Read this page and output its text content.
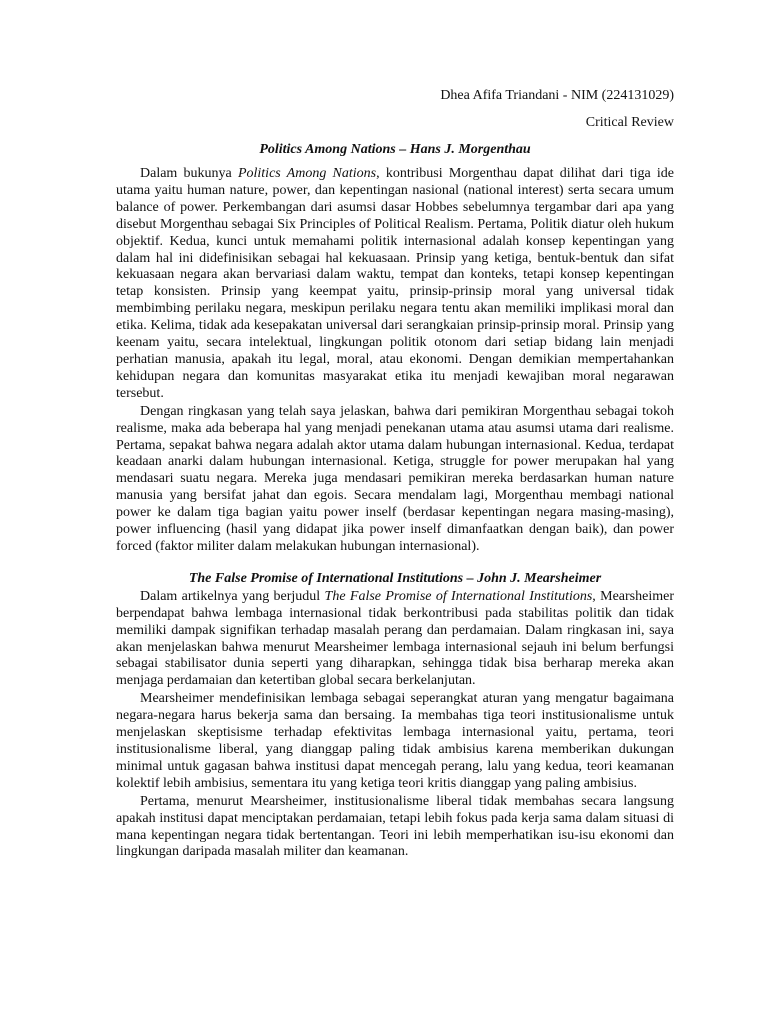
Dhea Afifa Triandani - NIM (224131029)

Critical Review

Politics Among Nations – Hans J. Morgenthau

Dalam bukunya Politics Among Nations, kontribusi Morgenthau dapat dilihat dari tiga ide utama yaitu human nature, power, dan kepentingan nasional (national interest) serta secara umum balance of power. Perkembangan dari asumsi dasar Hobbes sebelumnya tergambar dari apa yang disebut Morgenthau sebagai Six Principles of Political Realism. Pertama, Politik diatur oleh hukum objektif. Kedua, kunci untuk memahami politik internasional adalah konsep kepentingan yang dalam hal ini didefinisikan sebagai hal kekuasaan. Prinsip yang ketiga, bentuk-bentuk dan sifat kekuasaan negara akan bervariasi dalam waktu, tempat dan konteks, tetapi konsep kepentingan tetap konsisten. Prinsip yang keempat yaitu, prinsip-prinsip moral yang universal tidak membimbing perilaku negara, meskipun perilaku negara tentu akan memiliki implikasi moral dan etika. Kelima, tidak ada kesepakatan universal dari serangkaian prinsip-prinsip moral. Prinsip yang keenam yaitu, secara intelektual, lingkungan politik otonom dari setiap bidang lain menjadi perhatian manusia, apakah itu legal, moral, atau ekonomi. Dengan demikian mempertahankan kehidupan negara dan komunitas masyarakat etika itu menjadi kewajiban moral negarawan tersebut.

Dengan ringkasan yang telah saya jelaskan, bahwa dari pemikiran Morgenthau sebagai tokoh realisme, maka ada beberapa hal yang menjadi penekanan utama atau asumsi utama dari realisme. Pertama, sepakat bahwa negara adalah aktor utama dalam hubungan internasional. Kedua, terdapat keadaan anarki dalam hubungan internasional. Ketiga, struggle for power merupakan hal yang mendasari suatu negara. Mereka juga mendasari pemikiran mereka berdasarkan human nature manusia yang bersifat jahat dan egois. Secara mendalam lagi, Morgenthau membagi national power ke dalam tiga bagian yaitu power inself (berdasar kepentingan negara masing-masing), power influencing (hasil yang didapat jika power inself dimanfaatkan dengan baik), dan power forced (faktor militer dalam melakukan hubungan internasional).

The False Promise of International Institutions – John J. Mearsheimer

Dalam artikelnya yang berjudul The False Promise of International Institutions, Mearsheimer berpendapat bahwa lembaga internasional tidak berkontribusi pada stabilitas politik dan tidak memiliki dampak signifikan terhadap masalah perang dan perdamaian. Dalam ringkasan ini, saya akan menjelaskan bahwa menurut Mearsheimer lembaga internasional sejauh ini belum berfungsi sebagai stabilisator dunia seperti yang diharapkan, sehingga tidak bisa berharap mereka akan menjaga perdamaian dan ketertiban global secara berkelanjutan.

Mearsheimer mendefinisikan lembaga sebagai seperangkat aturan yang mengatur bagaimana negara-negara harus bekerja sama dan bersaing. Ia membahas tiga teori institusionalisme untuk menjelaskan skeptisisme terhadap efektivitas lembaga internasional yaitu, pertama, teori institusionalisme liberal, yang dianggap paling tidak ambisius karena memberikan dukungan minimal untuk gagasan bahwa institusi dapat mencegah perang, lalu yang kedua, teori keamanan kolektif lebih ambisius, sementara itu yang ketiga teori kritis dianggap yang paling ambisius.

Pertama, menurut Mearsheimer, institusionalisme liberal tidak membahas secara langsung apakah institusi dapat menciptakan perdamaian, tetapi lebih fokus pada kerja sama dalam situasi di mana kepentingan negara tidak bertentangan. Teori ini lebih memperhatikan isu-isu ekonomi dan lingkungan daripada masalah militer dan keamanan.
